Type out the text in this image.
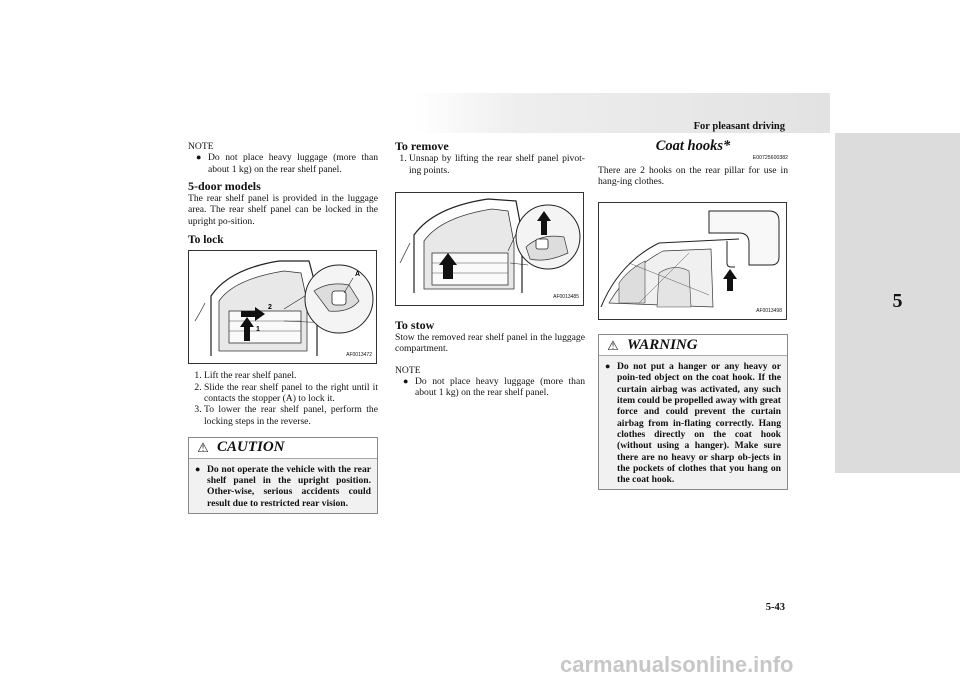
For pleasant driving
5
5-43
NOTE
● Do not place heavy luggage (more than about 1 kg) on the rear shelf panel.
5-door models

The rear shelf panel is provided in the luggage area. The rear shelf panel can be locked in the upright po-sition.

To lock
2
1
A
AF0013472
1. Lift the rear shelf panel.
2. Slide the rear shelf panel to the right until it contacts the stopper (A) to lock it.
3. To lower the rear shelf panel, perform the locking steps in the reverse.
⚠ CAUTION
● Do not operate the vehicle with the rear shelf panel in the upright position. Other-wise, serious accidents could result due to restricted rear vision.
To remove
1. Unsnap by lifting the rear shelf panel pivot-ing points.
AF0013485
To stow

Stow the removed rear shelf panel in the luggage compartment.

NOTE
● Do not place heavy luggage (more than about 1 kg) on the rear shelf panel.
Coat hooks*
E00725600382

There are 2 hooks on the rear pillar for use in hang-ing clothes.

AF0013498
⚠ WARNING
● Do not put a hanger or any heavy or poin-ted object on the coat hook. If the curtain airbag was activated, any such item could be propelled away with great force and could prevent the curtain airbag from in-flating correctly. Hang clothes directly on the coat hook (without using a hanger). Make sure there are no heavy or sharp ob-jects in the pockets of clothes that you hang on the coat hook.
carmanualsonline.info
